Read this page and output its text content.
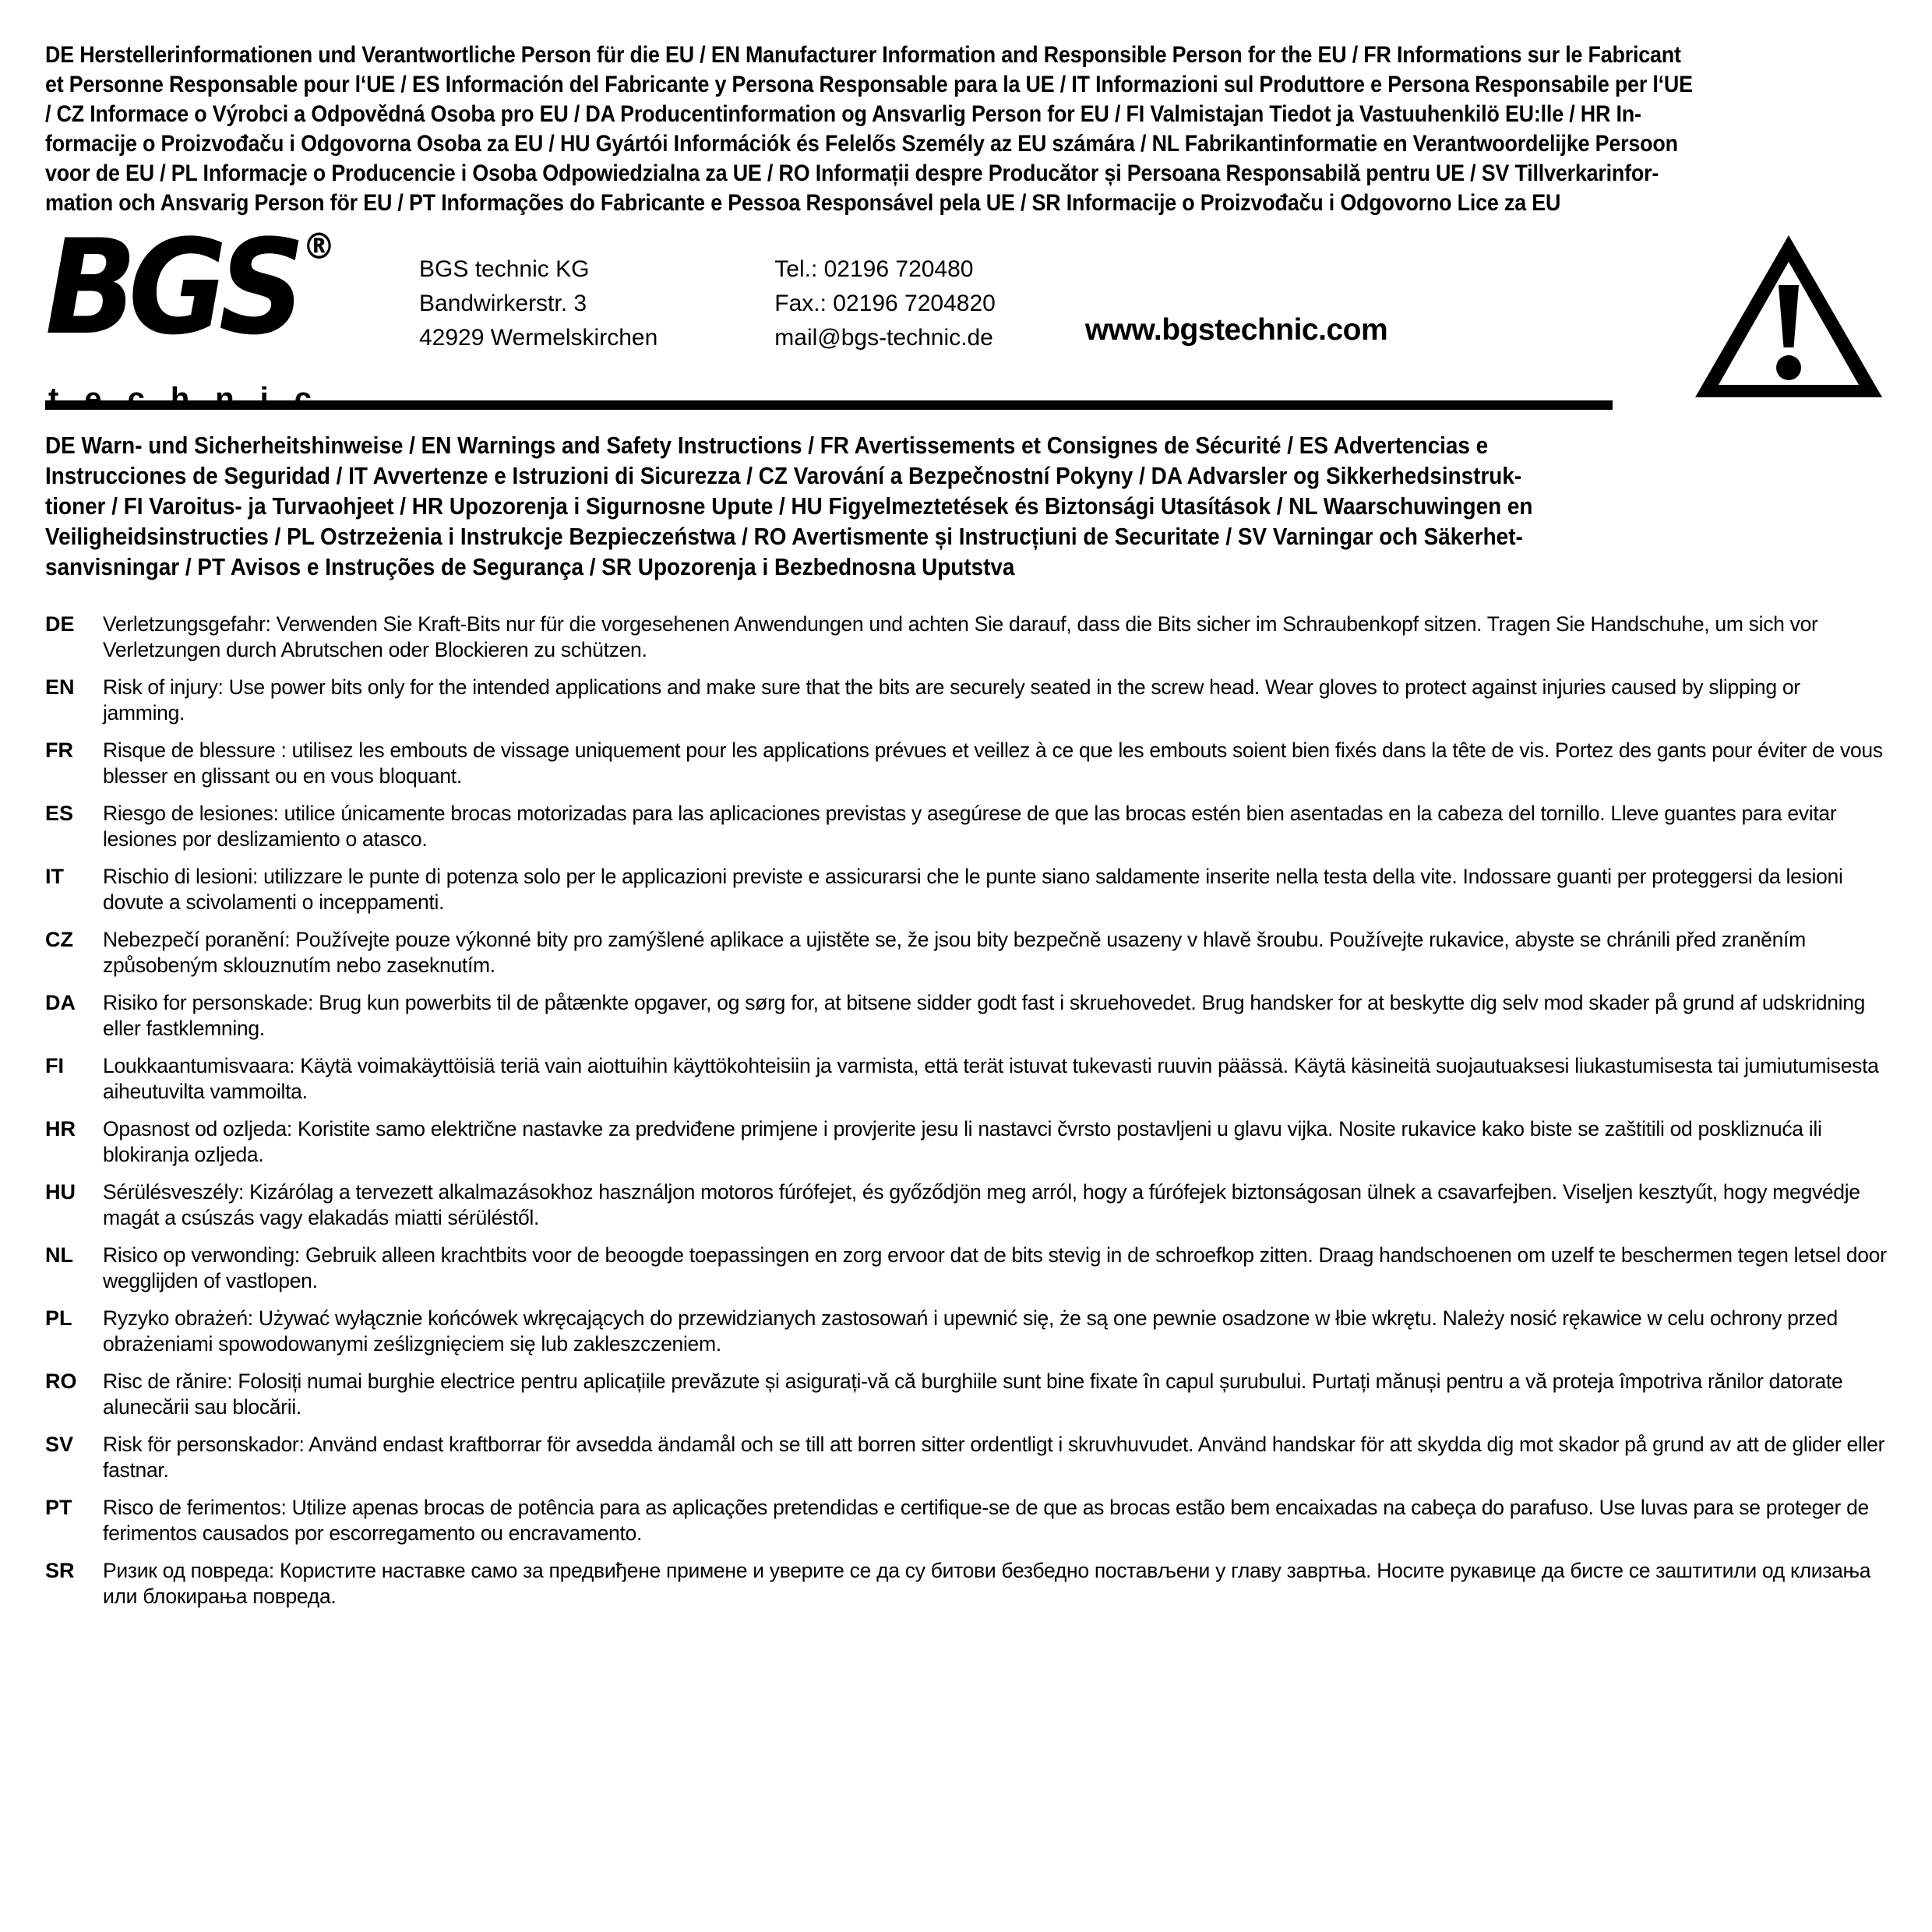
DE Herstellerinformationen und Verantwortliche Person für die EU / EN Manufacturer Information and Responsible Person for the EU / FR Informations sur le Fabricant
et Personne Responsable pour l‘UE / ES Información del Fabricante y Persona Responsable para la UE / IT Informazioni sul Produttore e Persona Responsabile per l‘UE
/ CZ Informace o Výrobci a Odpovědná Osoba pro EU / DA Producentinformation og Ansvarlig Person for EU / FI Valmistajan Tiedot ja Vastuuhenkilö EU:lle / HR In-
formacije o Proizvođaču i Odgovorna Osoba za EU / HU Gyártói Információk és Felelős Személy az EU számára / NL Fabrikantinformatie en Verantwoordelijke Persoon
voor de EU / PL Informacje o Producencie i Osoba Odpowiedzialna za UE / RO Informații despre Producător și Persoana Responsabilă pentru UE / SV Tillverkarinfor-
mation och Ansvarig Person för EU / PT Informações do Fabricante e Pessoa Responsável pela UE / SR Informacije o Proizvođaču i Odgovorno Lice za EU
BGS ®
technic
BGS technic KG
Bandwirkerstr. 3
42929 Wermelskirchen
Tel.: 02196 720480
Fax.: 02196 7204820
mail@bgs-technic.de	www.bgstechnic.com
DE Warn- und Sicherheitshinweise / EN Warnings and Safety Instructions / FR Avertissements et Consignes de Sécurité / ES Advertencias e
Instrucciones de Seguridad / IT Avvertenze e Istruzioni di Sicurezza / CZ Varování a Bezpečnostní Pokyny / DA Advarsler og Sikkerhedsinstruk-
tioner / FI Varoitus- ja Turvaohjeet / HR Upozorenja i Sigurnosne Upute / HU Figyelmeztetések és Biztonsági Utasítások / NL Waarschuwingen en
Veiligheidsinstructies / PL Ostrzeżenia i Instrukcje Bezpieczeństwa / RO Avertismente și Instrucțiuni de Securitate / SV Varningar och Säkerhet-
sanvisningar / PT Avisos e Instruções de Segurança / SR Upozorenja i Bezbednosna Uputstva
DE	Verletzungsgefahr: Verwenden Sie Kraft-Bits nur für die vorgesehenen Anwendungen und achten Sie darauf, dass die Bits sicher im Schraubenkopf sitzen. Tragen Sie Handschuhe, um sich vor Verletzungen durch Abrutschen oder Blockieren zu schützen.
EN	Risk of injury: Use power bits only for the intended applications and make sure that the bits are securely seated in the screw head. Wear gloves to protect against injuries caused by slipping or jamming.
FR	Risque de blessure : utilisez les embouts de vissage uniquement pour les applications prévues et veillez à ce que les embouts soient bien fixés dans la tête de vis. Portez des gants pour éviter de vous blesser en glissant ou en vous bloquant.
ES	Riesgo de lesiones: utilice únicamente brocas motorizadas para las aplicaciones previstas y asegúrese de que las brocas estén bien asentadas en la cabeza del tornillo. Lleve guantes para evitar lesiones por deslizamiento o atasco.
IT	Rischio di lesioni: utilizzare le punte di potenza solo per le applicazioni previste e assicurarsi che le punte siano saldamente inserite nella testa della vite. Indossare guanti per proteggersi da lesioni dovute a scivolamenti o inceppamenti.
CZ	Nebezpečí poranění: Používejte pouze výkonné bity pro zamýšlené aplikace a ujistěte se, že jsou bity bezpečně usazeny v hlavě šroubu. Používejte rukavice, abyste se chránili před zraněním způsobeným sklouznutím nebo zaseknutím.
DA	Risiko for personskade: Brug kun powerbits til de påtænkte opgaver, og sørg for, at bitsene sidder godt fast i skruehovedet. Brug handsker for at beskytte dig selv mod skader på grund af udskridning eller fastklemning.
FI	Loukkaantumisvaara: Käytä voimakäyttöisiä teriä vain aiottuihin käyttökohteisiin ja varmista, että terät istuvat tukevasti ruuvin päässä. Käytä käsineitä suojautuaksesi liukastumisesta tai jumiutumisesta aiheutuvilta vammoilta.
HR	Opasnost od ozljeda: Koristite samo električne nastavke za predviđene primjene i provjerite jesu li nastavci čvrsto postavljeni u glavu vijka. Nosite rukavice kako biste se zaštitili od poskliznuća ili blokiranja ozljeda.
HU	Sérülésveszély: Kizárólag a tervezett alkalmazásokhoz használjon motoros fúrófejet, és győződjön meg arról, hogy a fúrófejek biztonságosan ülnek a csavarfejben. Viseljen kesztyűt, hogy megvédje magát a csúszás vagy elakadás miatti sérüléstől.
NL	Risico op verwonding: Gebruik alleen krachtbits voor de beoogde toepassingen en zorg ervoor dat de bits stevig in de schroefkop zitten. Draag handschoenen om uzelf te beschermen tegen letsel door wegglijden of vastlopen.
PL	Ryzyko obrażeń: Używać wyłącznie końcówek wkręcających do przewidzianych zastosowań i upewnić się, że są one pewnie osadzone w łbie wkrętu. Należy nosić rękawice w celu ochrony przed obrażeniami spowodowanymi ześlizgnięciem się lub zakleszczeniem.
RO	Risc de rănire: Folosiți numai burghie electrice pentru aplicațiile prevăzute și asigurați-vă că burghiile sunt bine fixate în capul șurubului. Purtați mănuși pentru a vă proteja împotriva rănilor datorate alunecării sau blocării.
SV	Risk för personskador: Använd endast kraftborrar för avsedda ändamål och se till att borren sitter ordentligt i skruvhuvudet. Använd handskar för att skydda dig mot skador på grund av att de glider eller fastnar.
PT	Risco de ferimentos: Utilize apenas brocas de potência para as aplicações pretendidas e certifique-se de que as brocas estão bem encaixadas na cabeça do parafuso. Use luvas para se proteger de ferimentos causados por escorregamento ou encravamento.
SR	Ризик од повреда: Користите наставке само за предвиђене примене и уверите се да су битови безбедно постављени у главу завртња. Носите рукавице да бисте се заштитили од клизања или блокирања повреда.
